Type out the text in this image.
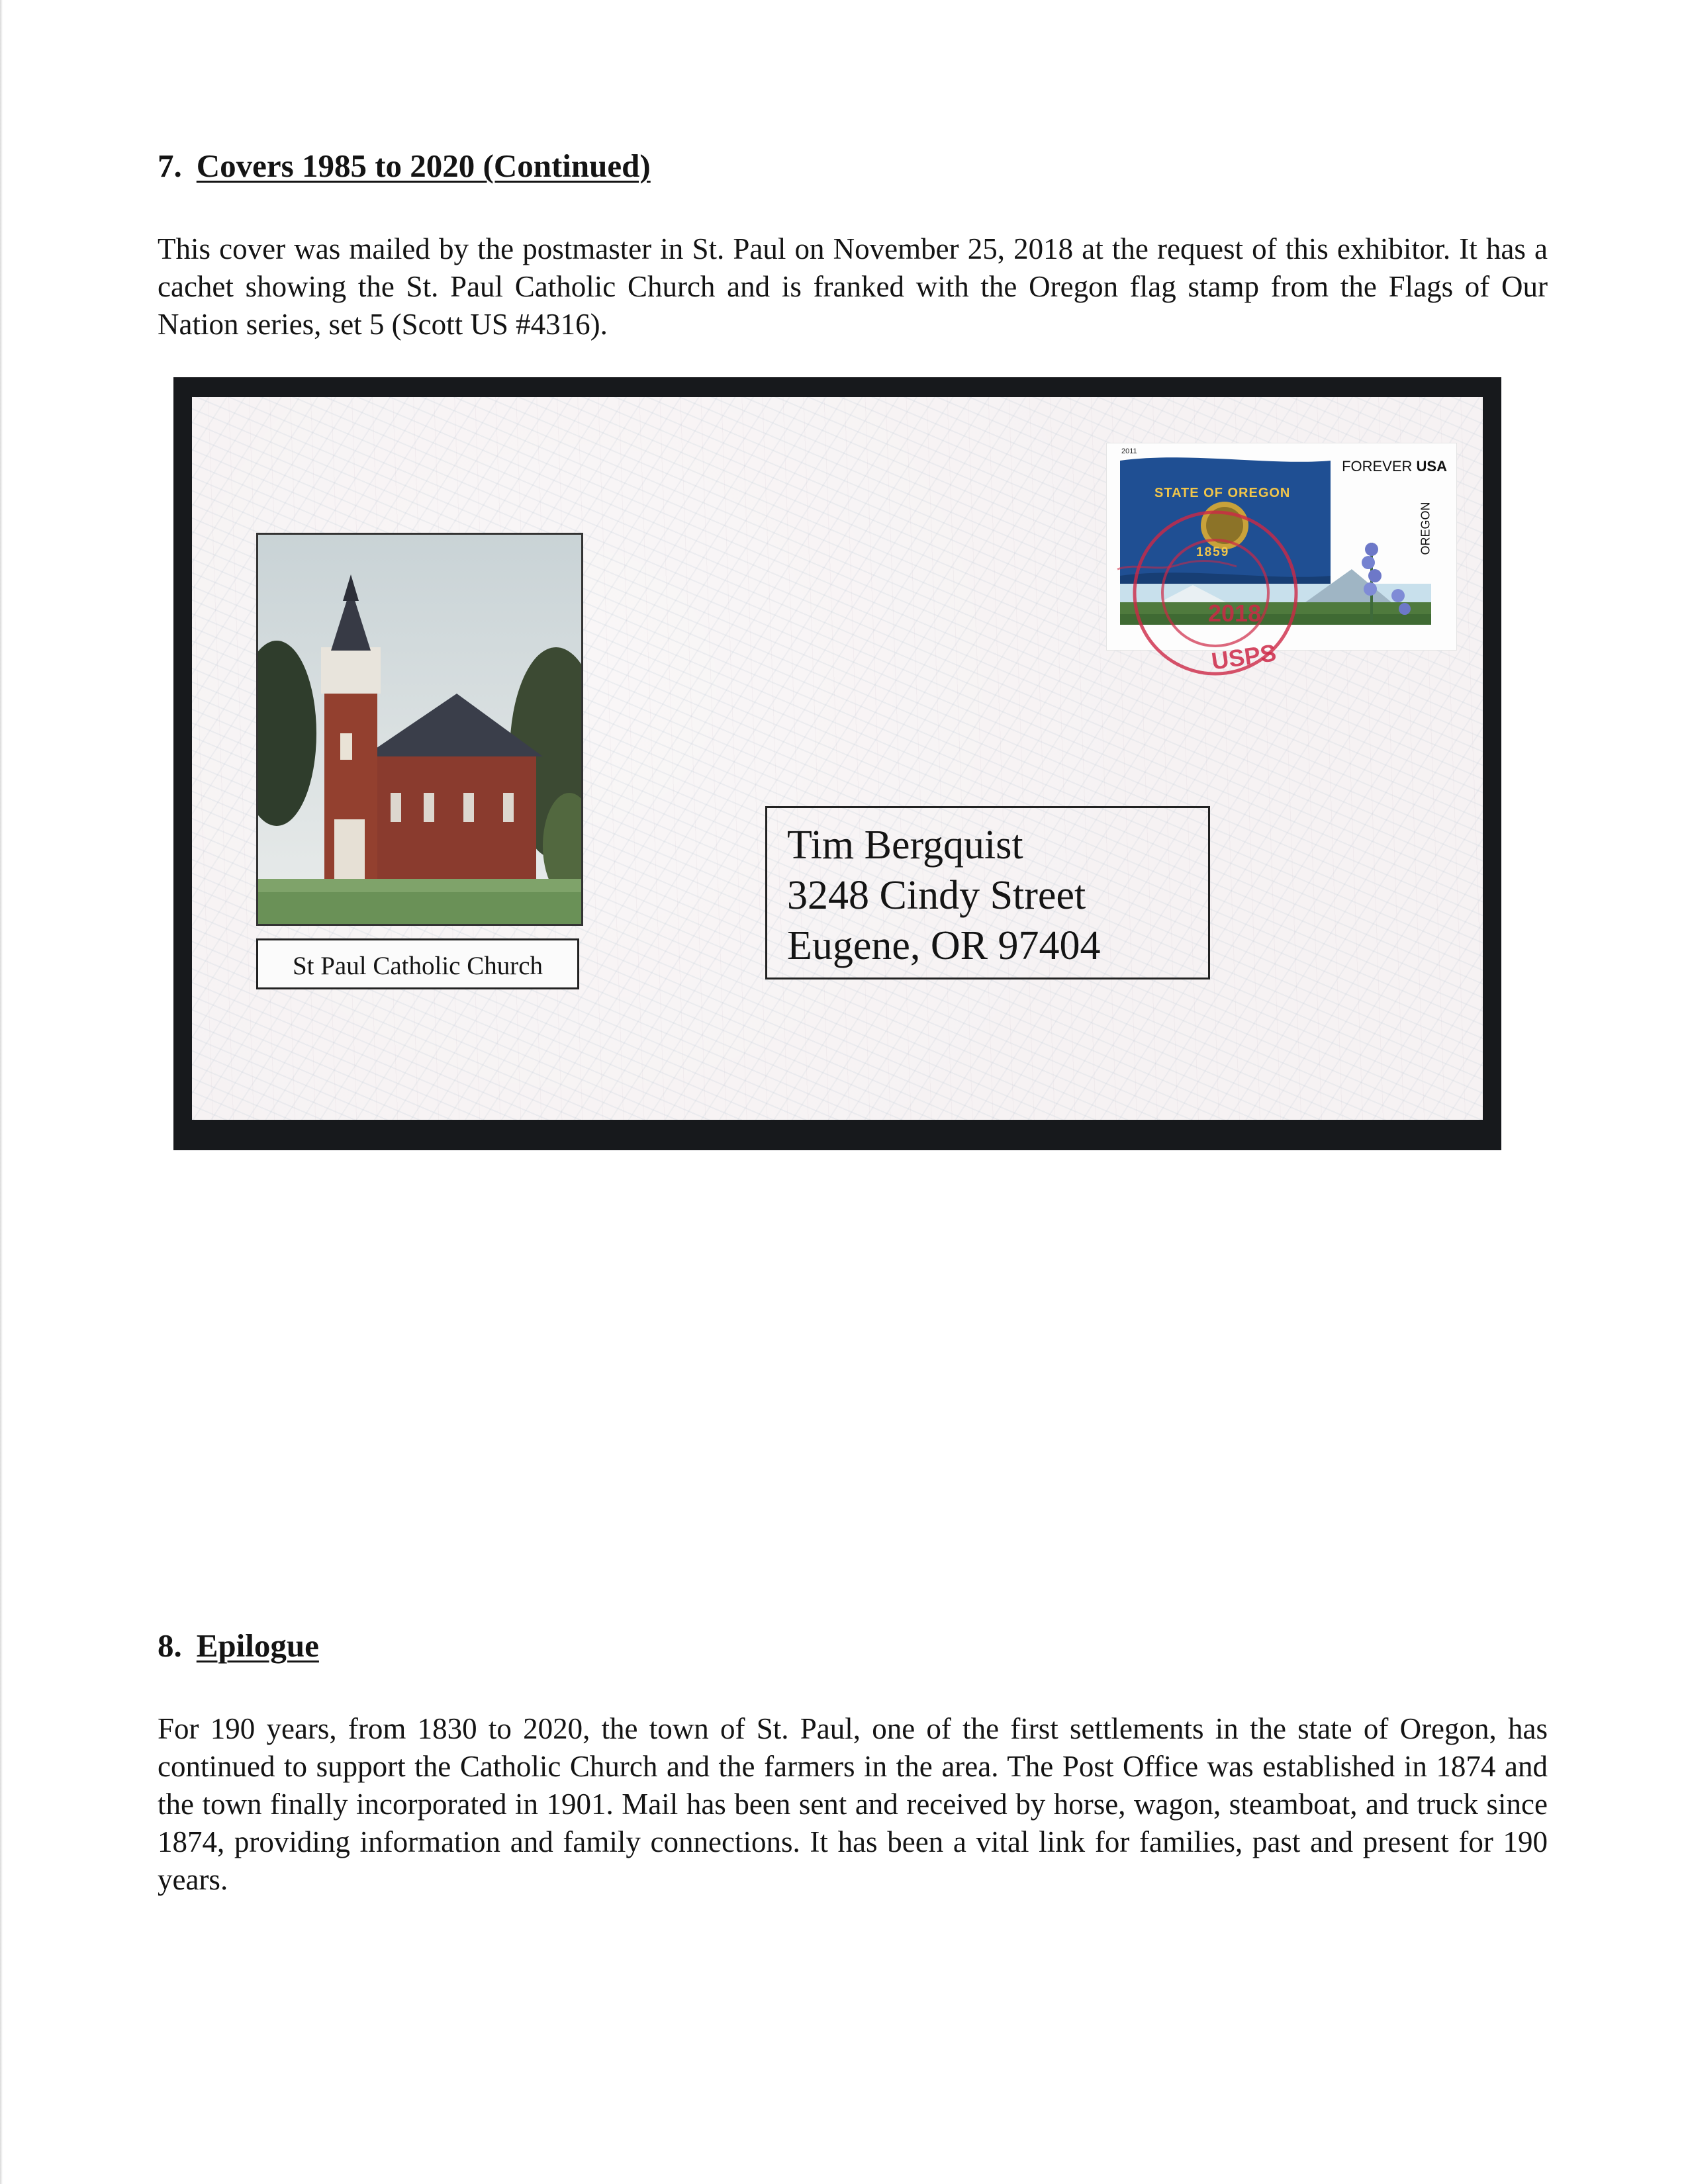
7. Covers 1985 to 2020 (Continued)

This cover was mailed by the postmaster in St. Paul on November 25, 2018 at the request of this exhibitor. It has a cachet showing the St. Paul Catholic Church and is franked with the Oregon flag stamp from the Flags of Our Nation series, set 5 (Scott US #4316).

St Paul Catholic Church
Tim Bergquist
3248 Cindy Street
Eugene, OR 97404
2011
FOREVER USA
OREGON
STATE OF OREGON
1859
2018
USPS
8. Epilogue

For 190 years, from 1830 to 2020, the town of St. Paul, one of the first settlements in the state of Oregon, has continued to support the Catholic Church and the farmers in the area. The Post Office was established in 1874 and the town finally incorporated in 1901. Mail has been sent and received by horse, wagon, steamboat, and truck since 1874, providing information and family connections. It has been a vital link for families, past and present for 190 years.
